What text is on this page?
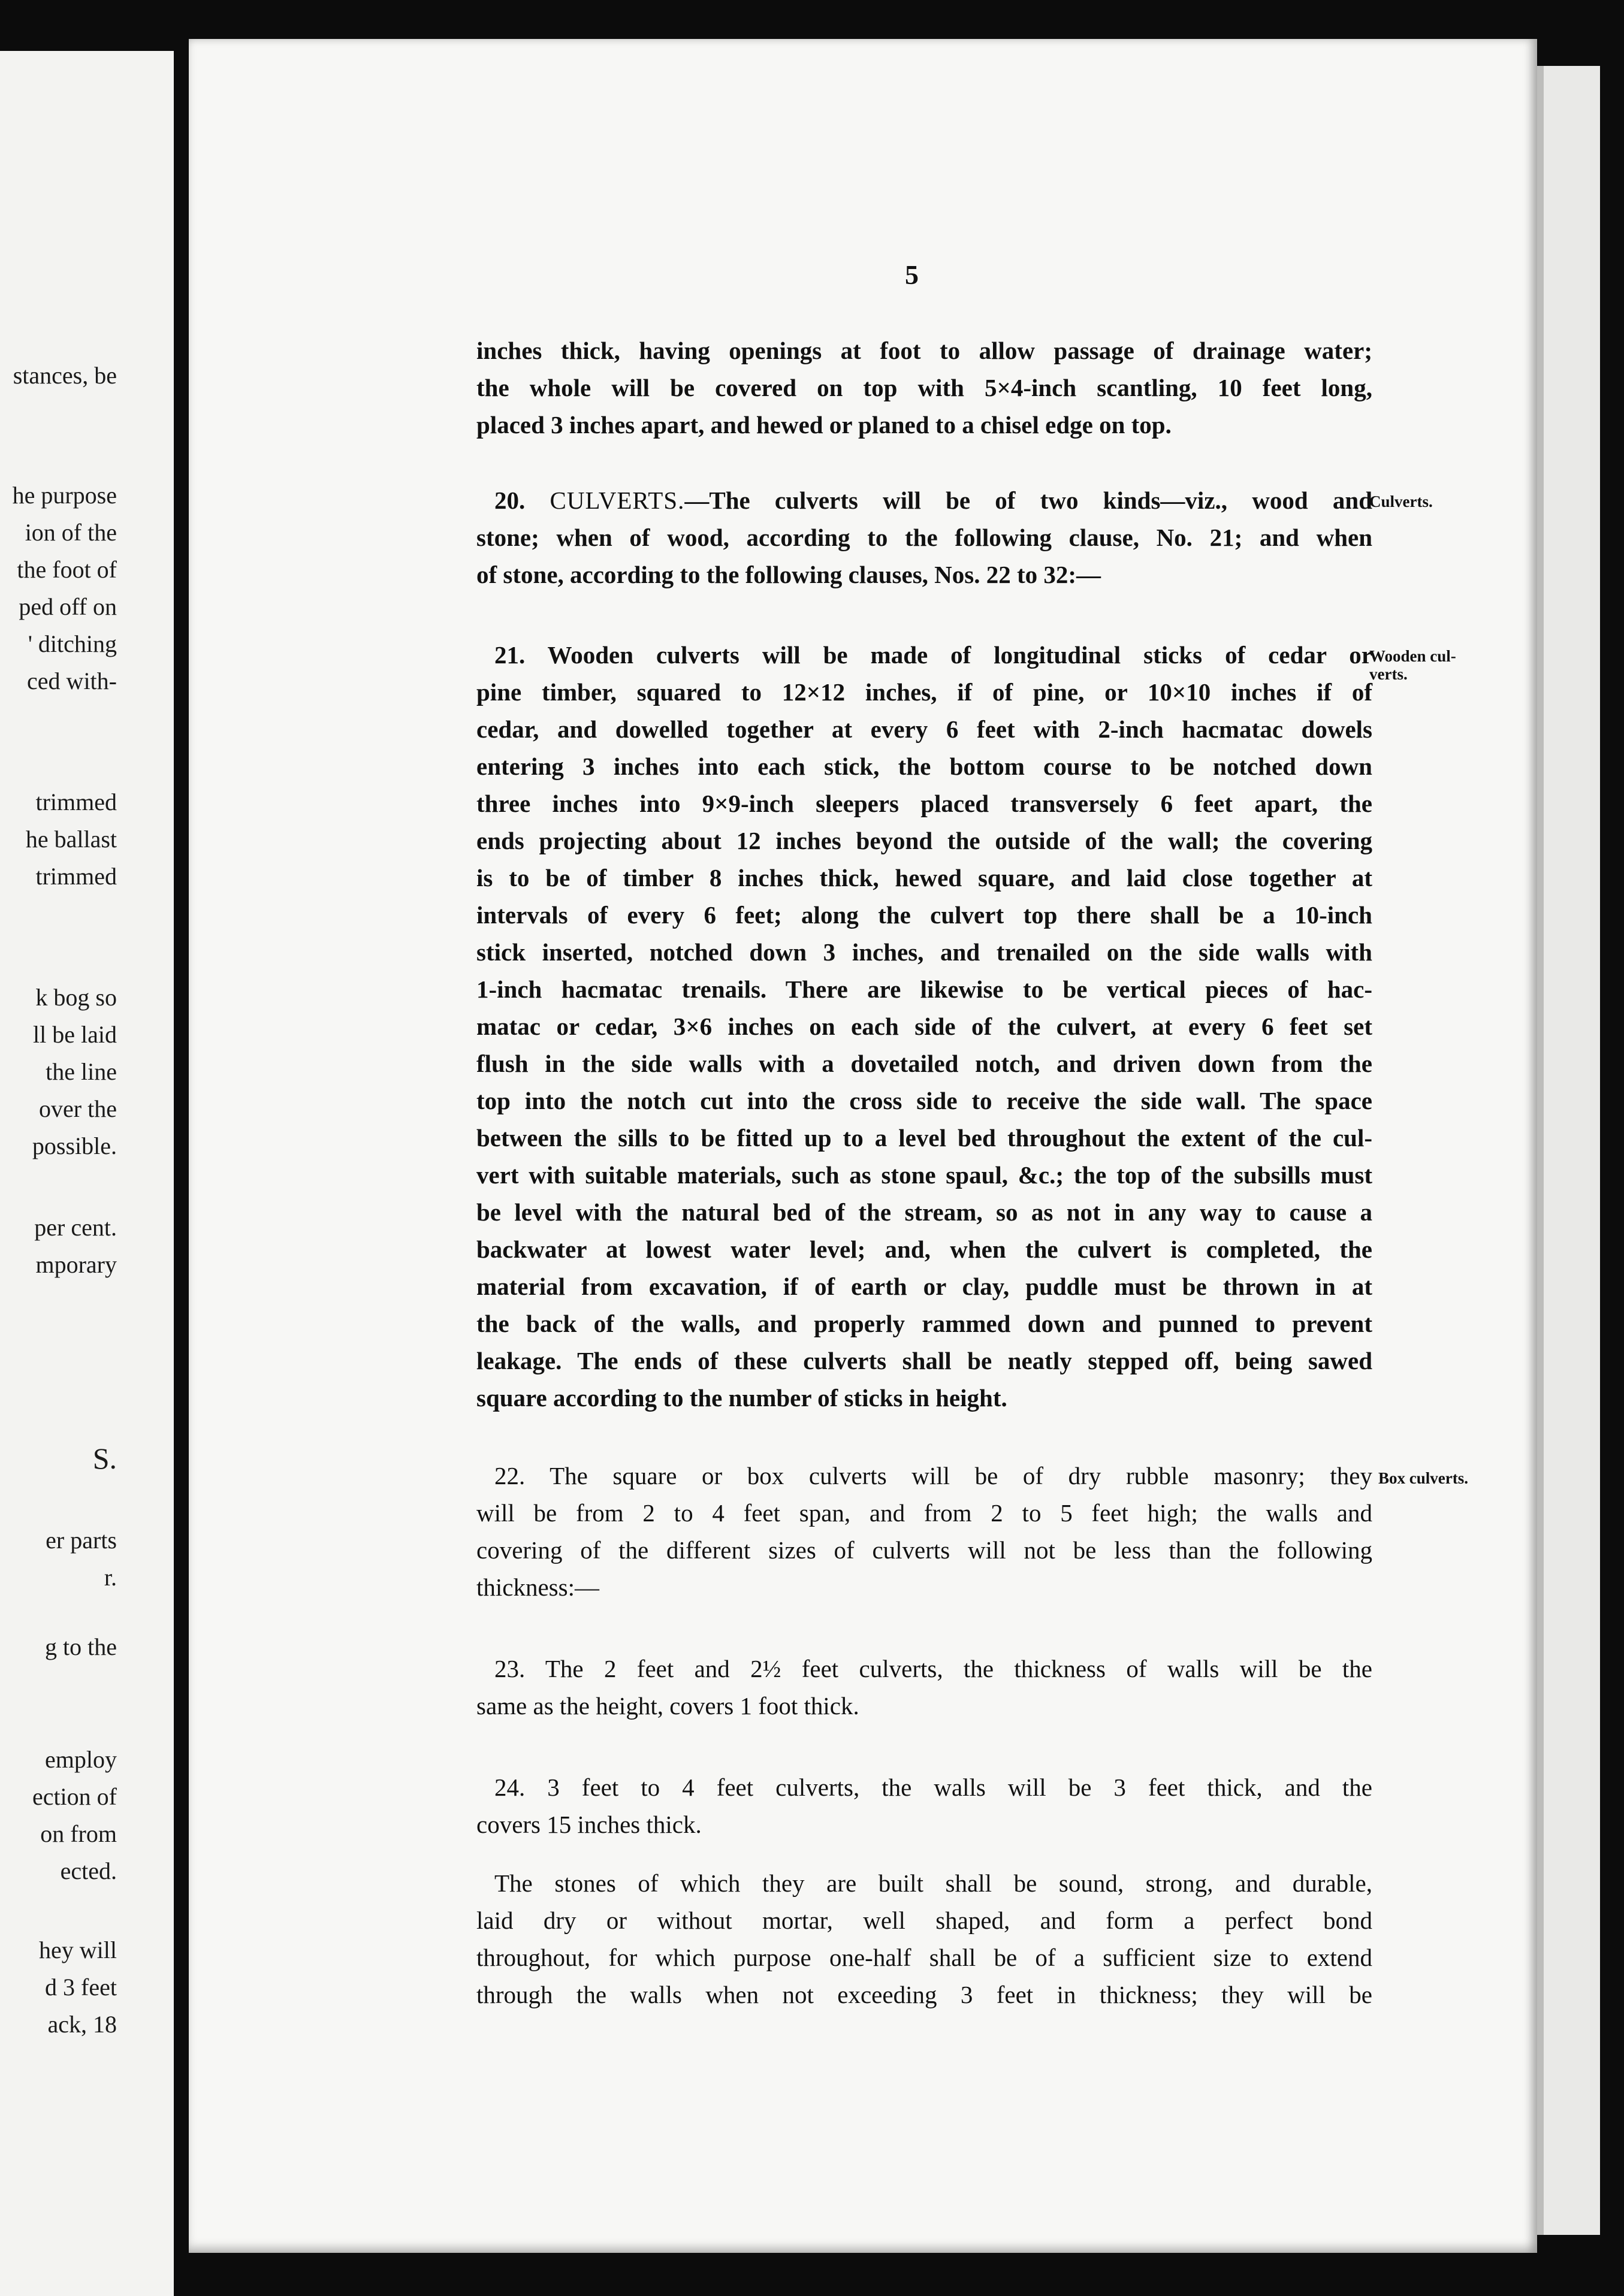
stances, be
he purpose
ion of the
the foot of
ped off on
' ditching
ced with-
trimmed
he ballast
trimmed
k bog so
ll be laid
the line
over the
possible.
per cent.
mporary
S.
er parts
r.
g to the
employ
ection of
on from
ected.
hey will
d 3 feet
ack, 18
5
inches thick, having openings at foot to allow passage of drainage water;
the whole will be covered on top with 5×4-inch scantling, 10 feet long,
placed 3 inches apart, and hewed or planed to a chisel edge on top.
20. CULVERTS.—The culverts will be of two kinds—viz., wood and
stone; when of wood, according to the following clause, No. 21; and when
of stone, according to the following clauses, Nos. 22 to 32:—
Culverts.
21. Wooden culverts will be made of longitudinal sticks of cedar or
pine timber, squared to 12×12 inches, if of pine, or 10×10 inches if of
cedar, and dowelled together at every 6 feet with 2-inch hacmatac dowels
entering 3 inches into each stick, the bottom course to be notched down
three inches into 9×9-inch sleepers placed transversely 6 feet apart, the
ends projecting about 12 inches beyond the outside of the wall; the covering
is to be of timber 8 inches thick, hewed square, and laid close together at
intervals of every 6 feet; along the culvert top there shall be a 10-inch
stick inserted, notched down 3 inches, and trenailed on the side walls with
1-inch hacmatac trenails. There are likewise to be vertical pieces of hac-
matac or cedar, 3×6 inches on each side of the culvert, at every 6 feet set
flush in the side walls with a dovetailed notch, and driven down from the
top into the notch cut into the cross side to receive the side wall. The space
between the sills to be fitted up to a level bed throughout the extent of the cul-
vert with suitable materials, such as stone spaul, &c.; the top of the subsills must
be level with the natural bed of the stream, so as not in any way to cause a
backwater at lowest water level; and, when the culvert is completed, the
material from excavation, if of earth or clay, puddle must be thrown in at
the back of the walls, and properly rammed down and punned to prevent
leakage. The ends of these culverts shall be neatly stepped off, being sawed
square according to the number of sticks in height.
Wooden cul-
verts.
22. The square or box culverts will be of dry rubble masonry; they
will be from 2 to 4 feet span, and from 2 to 5 feet high; the walls and
covering of the different sizes of culverts will not be less than the following
thickness:—
Box culverts.
23. The 2 feet and 2½ feet culverts, the thickness of walls will be the
same as the height, covers 1 foot thick.
24. 3 feet to 4 feet culverts, the walls will be 3 feet thick, and the
covers 15 inches thick.
The stones of which they are built shall be sound, strong, and durable,
laid dry or without mortar, well shaped, and form a perfect bond
throughout, for which purpose one-half shall be of a sufficient size to extend
through the walls when not exceeding 3 feet in thickness; they will be
